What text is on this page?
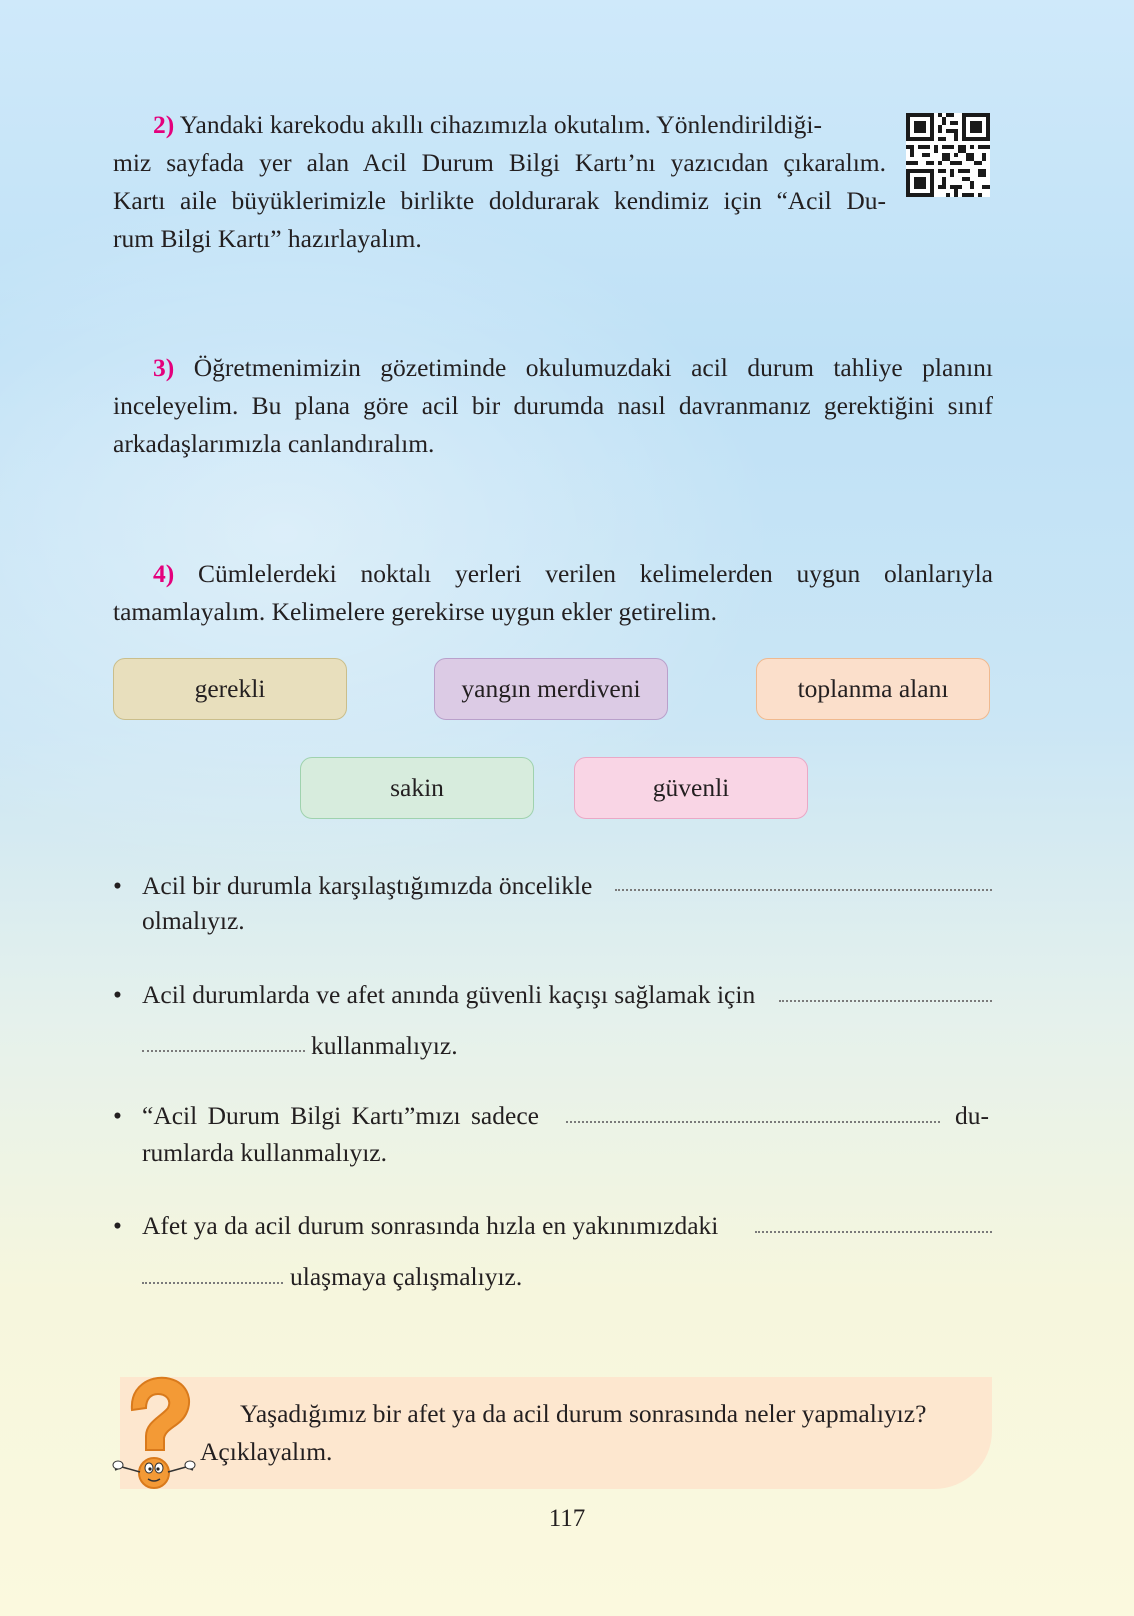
2) Yandaki karekodu akıllı cihazımızla okutalım. Yönlendirildiği-
miz sayfada yer alan Acil Durum Bilgi Kartı’nı yazıcıdan çıkaralım.
Kartı aile büyüklerimizle birlikte doldurarak kendimiz için “Acil Du-
rum Bilgi Kartı” hazırlayalım.

3) Öğretmenimizin gözetiminde okulumuzdaki acil durum tahliye planını inceleyelim. Bu plana göre acil bir durumda nasıl davranmanız gerektiğini sınıf arkadaşlarımızla canlandıralım.

4) Cümlelerdeki noktalı yerleri verilen kelimelerden uygun olanlarıyla tamamlayalım. Kelimelere gerekirse uygun ekler getirelim.

gerekli	yangın merdiveni	toplanma alanı
sakin	güvenli
• Acil bir durumla karşılaştığımızda öncelikle
olmalıyız.
• Acil durumlarda ve afet anında güvenli kaçışı sağlamak için
kullanmalıyız.
• “Acil Durum Bilgi Kartı”mızı sadece	du-
rumlarda kullanmalıyız.
• Afet ya da acil durum sonrasında hızla en yakınımızdaki
ulaşmaya çalışmalıyız.

Yaşadığımız bir afet ya da acil durum sonrasında neler yapmalıyız?
Açıklayalım.

117
